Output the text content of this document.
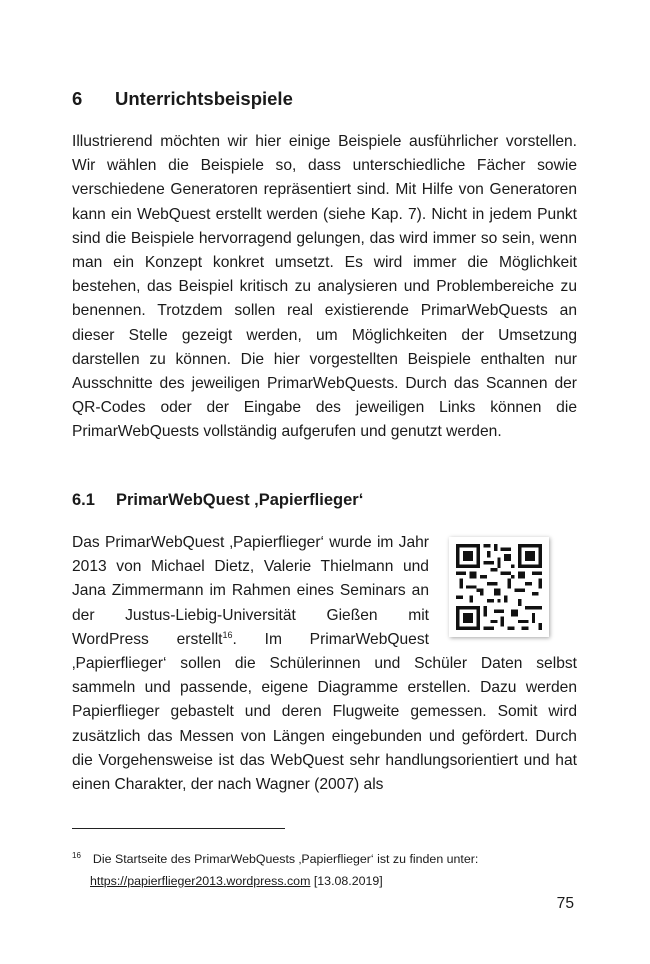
6 Unterrichtsbeispiele

Illustrierend möchten wir hier einige Beispiele ausführlicher vorstellen. Wir wählen die Beispiele so, dass unterschiedliche Fächer sowie verschiedene Generatoren repräsentiert sind. Mit Hilfe von Generatoren kann ein WebQuest erstellt werden (siehe Kap. 7). Nicht in jedem Punkt sind die Beispiele hervorragend gelungen, das wird immer so sein, wenn man ein Konzept konkret umsetzt. Es wird immer die Möglichkeit bestehen, das Beispiel kritisch zu analysieren und Problembereiche zu benennen. Trotzdem sollen real existierende PrimarWebQuests an dieser Stelle gezeigt werden, um Möglichkeiten der Umsetzung darstellen zu können. Die hier vorgestellten Beispiele enthalten nur Ausschnitte des jeweiligen PrimarWebQuests. Durch das Scannen der QR-Codes oder der Eingabe des jeweiligen Links können die PrimarWebQuests vollständig aufgerufen und genutzt werden.

6.1 PrimarWebQuest ‚Papierflieger‘
Das PrimarWebQuest ‚Papierflieger‘ wurde im Jahr 2013 von Michael Dietz, Valerie Thielmann und Jana Zimmermann im Rahmen eines Seminars an der Justus-Liebig-Universität Gießen mit WordPress erstellt$^{16}$. Im PrimarWebQuest ‚Papierflieger‘ sollen die Schülerinnen und Schüler Daten selbst sammeln und passende, eigene Diagramme erstellen. Dazu werden Papierflieger gebastelt und deren Flugweite gemessen. Somit wird zusätzlich das Messen von Längen eingebunden und gefördert. Durch die Vorgehensweise ist das WebQuest sehr handlungsorientiert und hat einen Charakter, der nach Wagner (2007) als

$^{16}$ Die Startseite des PrimarWebQuests ‚Papierflieger‘ ist zu finden unter:
https://papierflieger2013.wordpress.com [13.08.2019]

75
